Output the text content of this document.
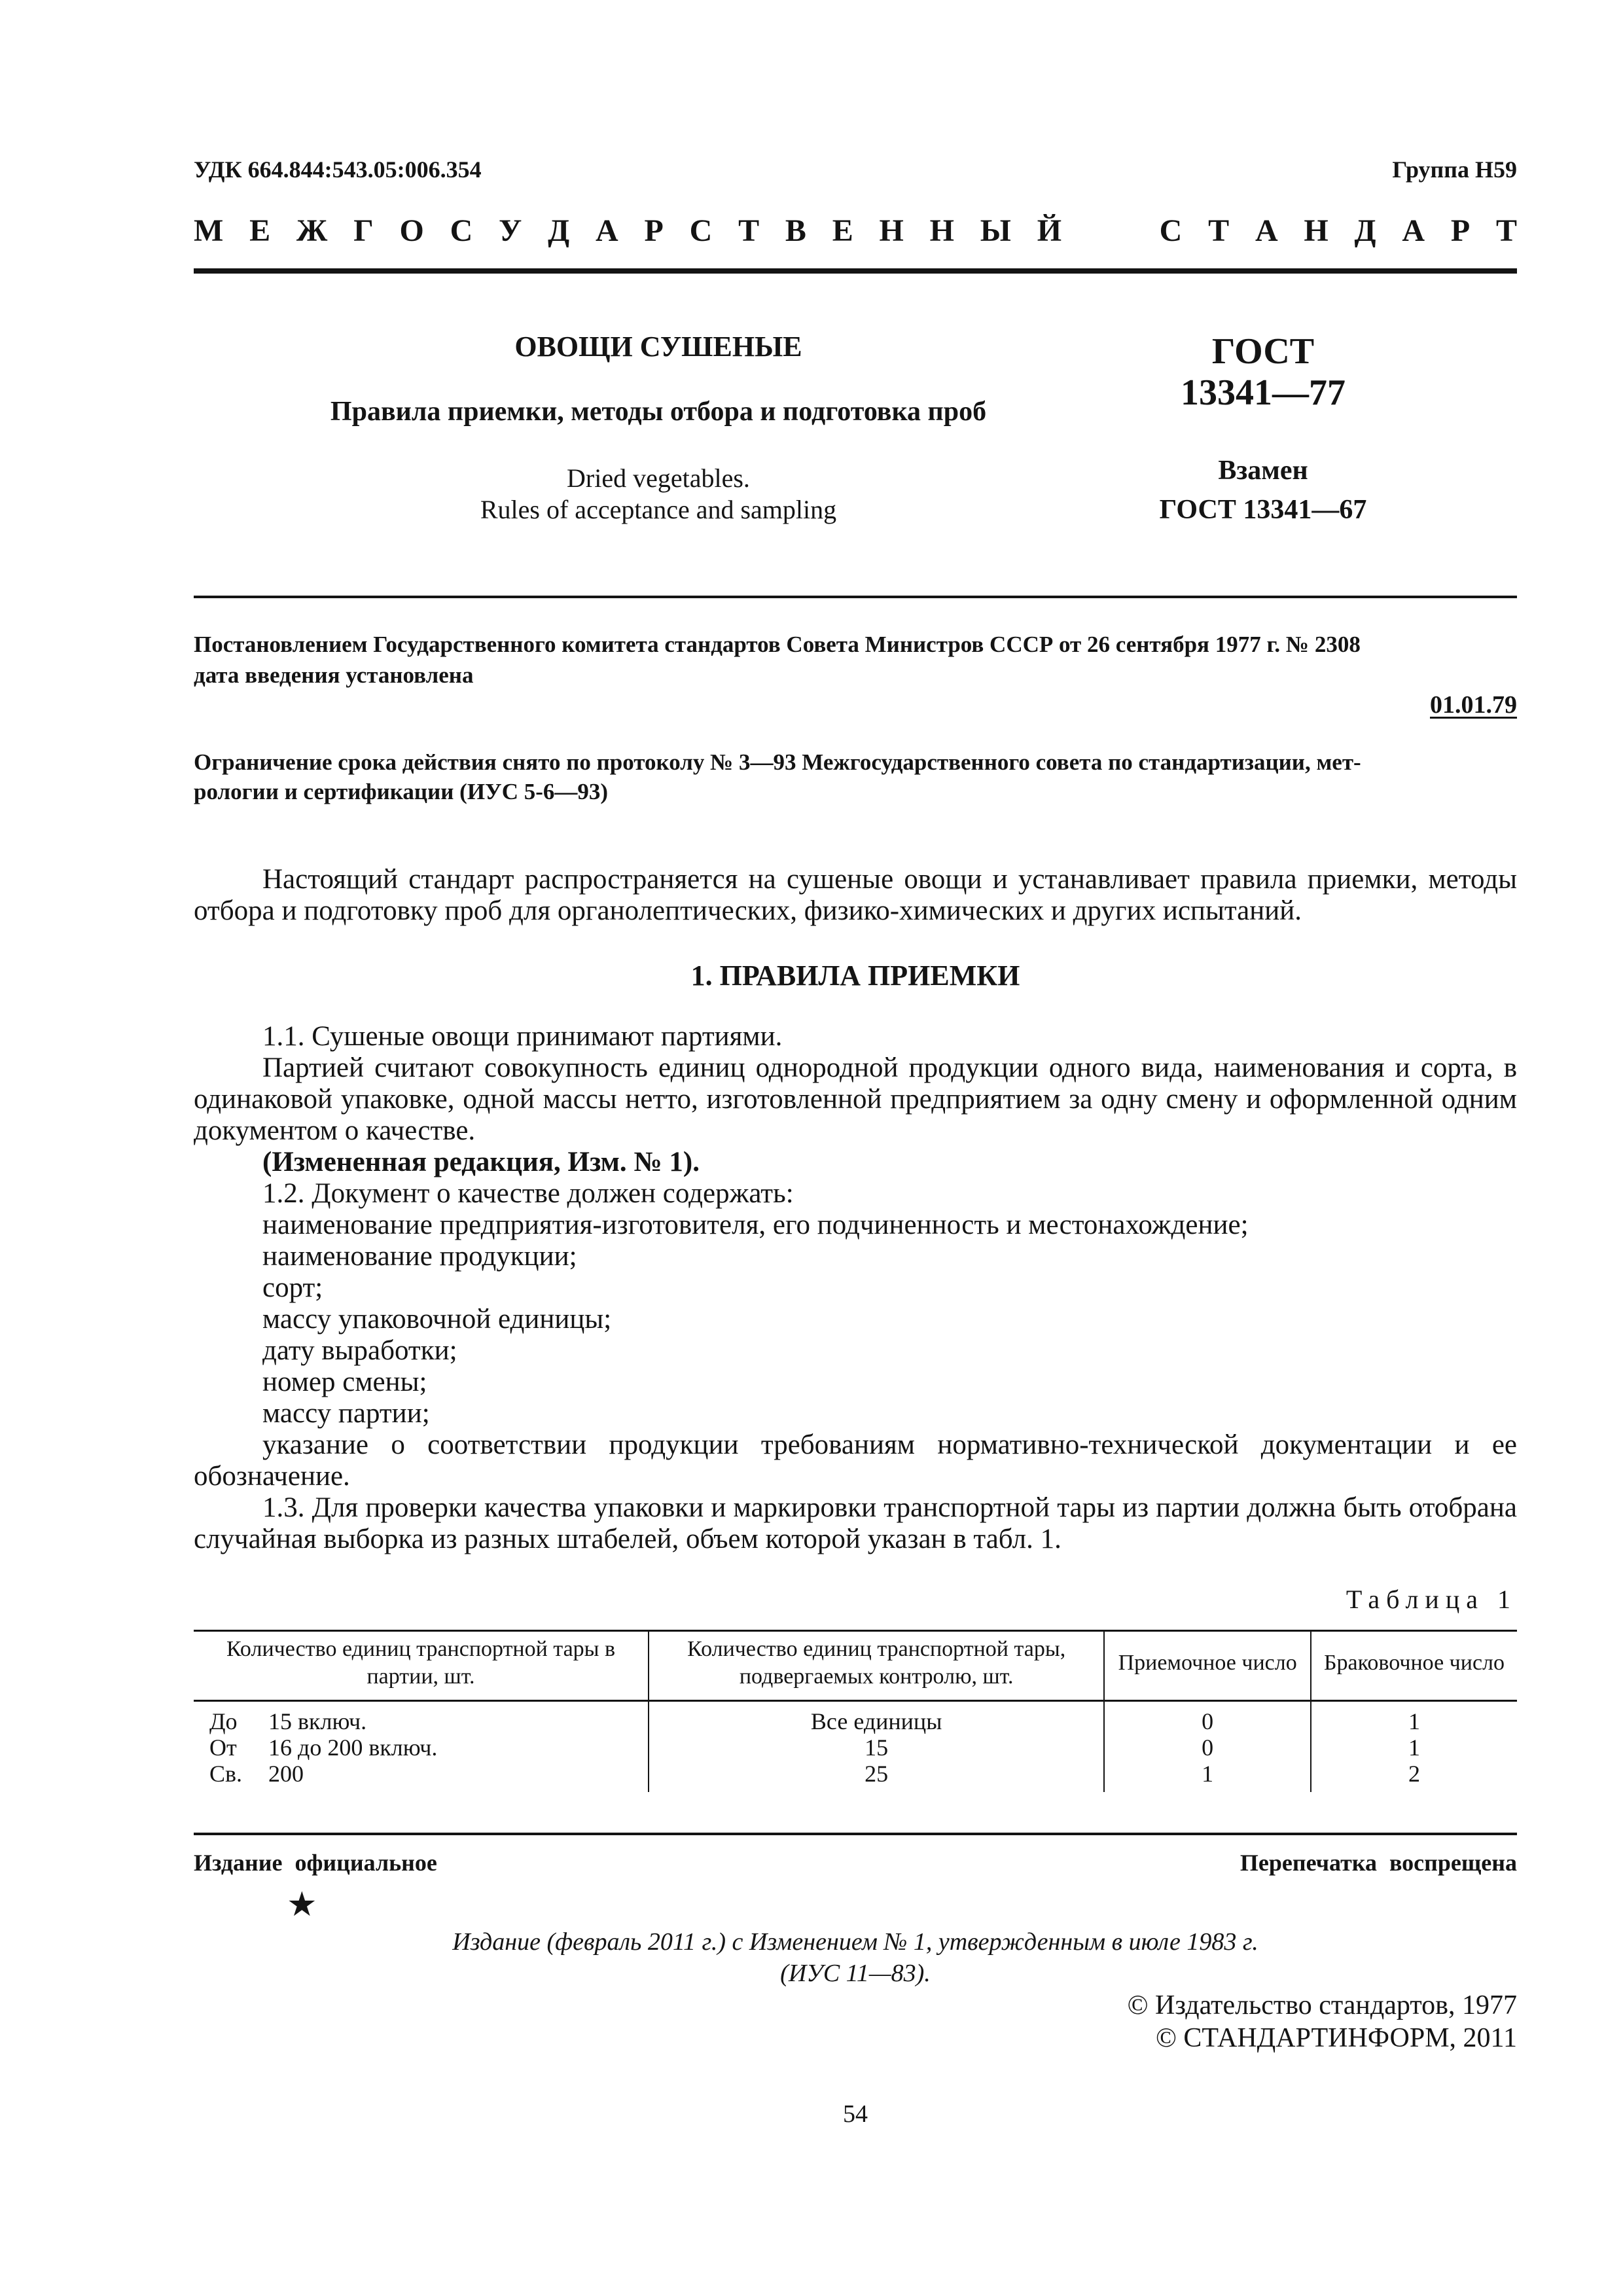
УДК 664.844:543.05:006.354	Группа Н59
М Е Ж Г О С У Д А Р С Т В Е Н Н Ы Й	С Т А Н Д А Р Т
ОВОЩИ СУШЕНЫЕ
Правила приемки, методы отбора и подготовка проб
Dried vegetables.
Rules of acceptance and sampling
ГОСТ
13341—77
Взамен
ГОСТ 13341—67
Постановлением Государственного комитета стандартов Совета Министров СССР от 26 сентября 1977 г. № 2308
дата введения установлена
01.01.79
Ограничение срока действия снято по протоколу № 3—93 Межгосударственного совета по стандартизации, мет-
рологии и сертификации (ИУС 5-6—93)
Настоящий стандарт распространяется на сушеные овощи и устанавливает правила приемки, методы отбора и подготовку проб для органолептических, физико-химических и других испытаний.
1. ПРАВИЛА ПРИЕМКИ
1.1. Сушеные овощи принимают партиями.
Партией считают совокупность единиц однородной продукции одного вида, наименования и сорта, в одинаковой упаковке, одной массы нетто, изготовленной предприятием за одну смену и оформленной одним документом о качестве.
(Измененная редакция, Изм. № 1).
1.2. Документ о качестве должен содержать:
наименование предприятия-изготовителя, его подчиненность и местонахождение;
наименование продукции;
сорт;
массу упаковочной единицы;
дату выработки;
номер смены;
массу партии;
указание о соответствии продукции требованиям нормативно-технической документации и ее обозначение.
1.3. Для проверки качества упаковки и маркировки транспортной тары из партии должна быть отобрана случайная выборка из разных штабелей, объем которой указан в табл. 1.
Таблица 1
Количество единиц транспортной тары в партии, шт.	Количество единиц транспортной тары, подвергаемых контролю, шт.	Приемочное число	Браковочное число
До 15 включ.	Все единицы	0	1
От 16 до 200 включ.	15	0	1
Св. 200	25	1	2
Издание официальное	Перепечатка воспрещена
★
Издание (февраль 2011 г.) с Изменением № 1, утвержденным в июле 1983 г.
(ИУС 11—83).
© Издательство стандартов, 1977
© СТАНДАРТИНФОРМ, 2011
54
